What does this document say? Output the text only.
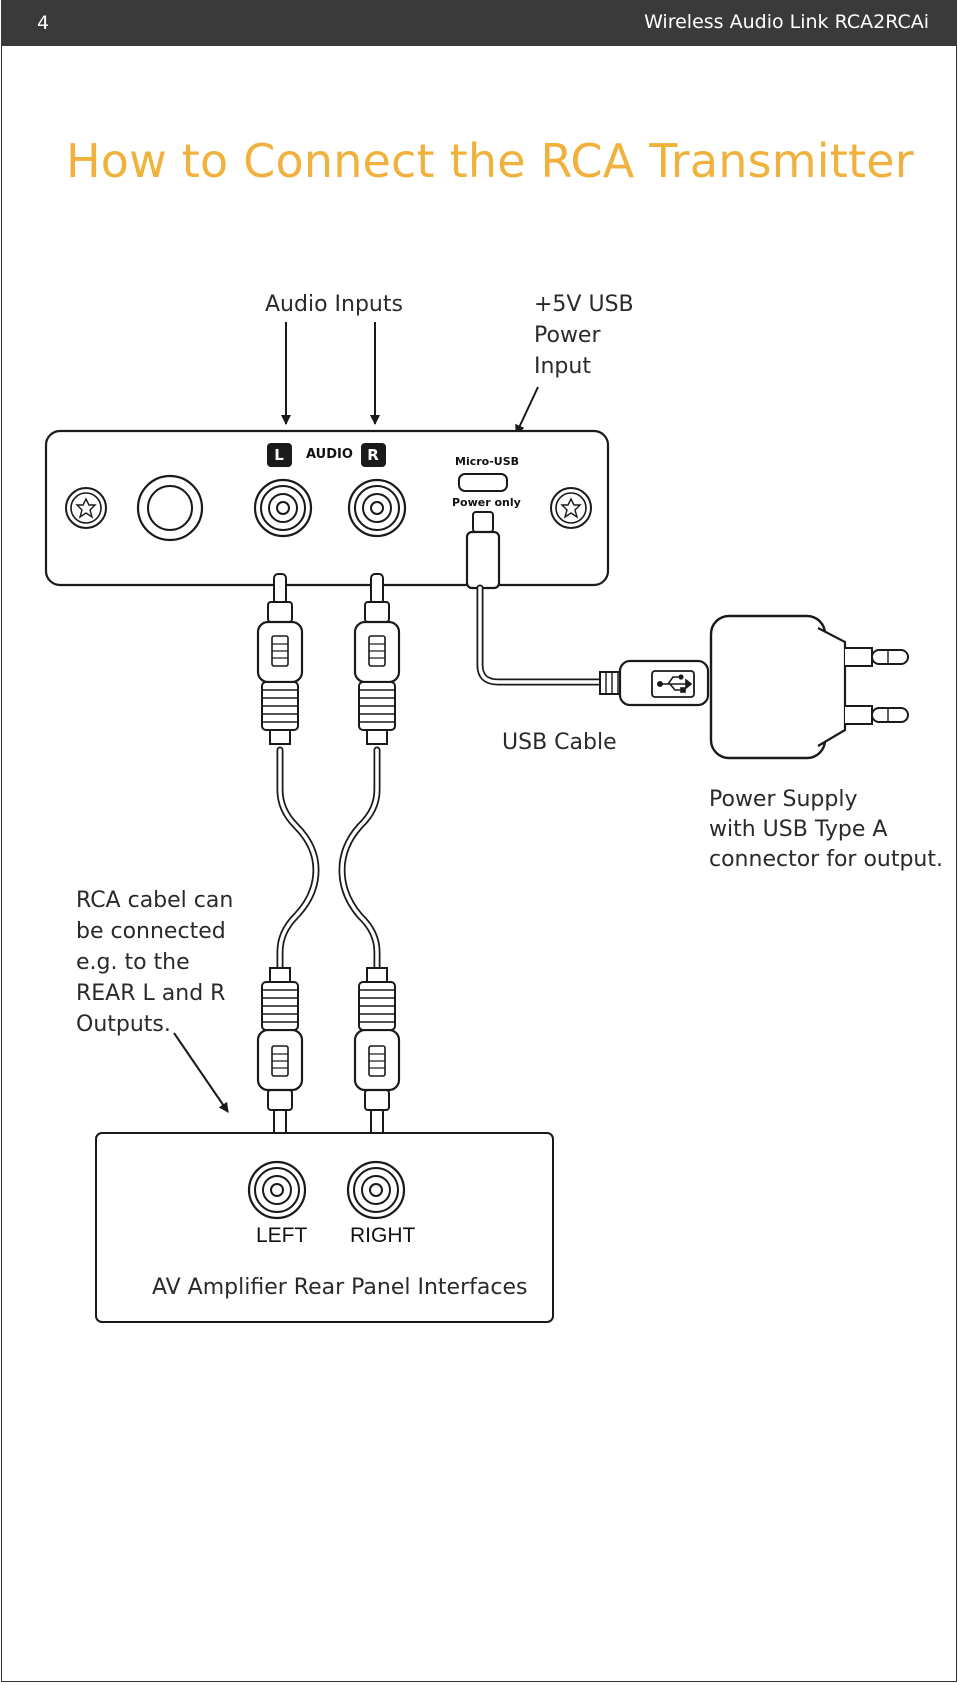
4	Wireless Audio Link RCA2RCAi
How to Connect the RCA Transmitter

Audio Inputs	+5V USB

Power

Input

L	R
AUDIO	Micro-USB
Power only

USB Cable

Power Supply

with USB Type A

connector for output.

RCA cabel can

be connected

e.g. to the

REAR L and R

Outputs.

LEFT RIGHT

AV Amplifier Rear Panel Interfaces
